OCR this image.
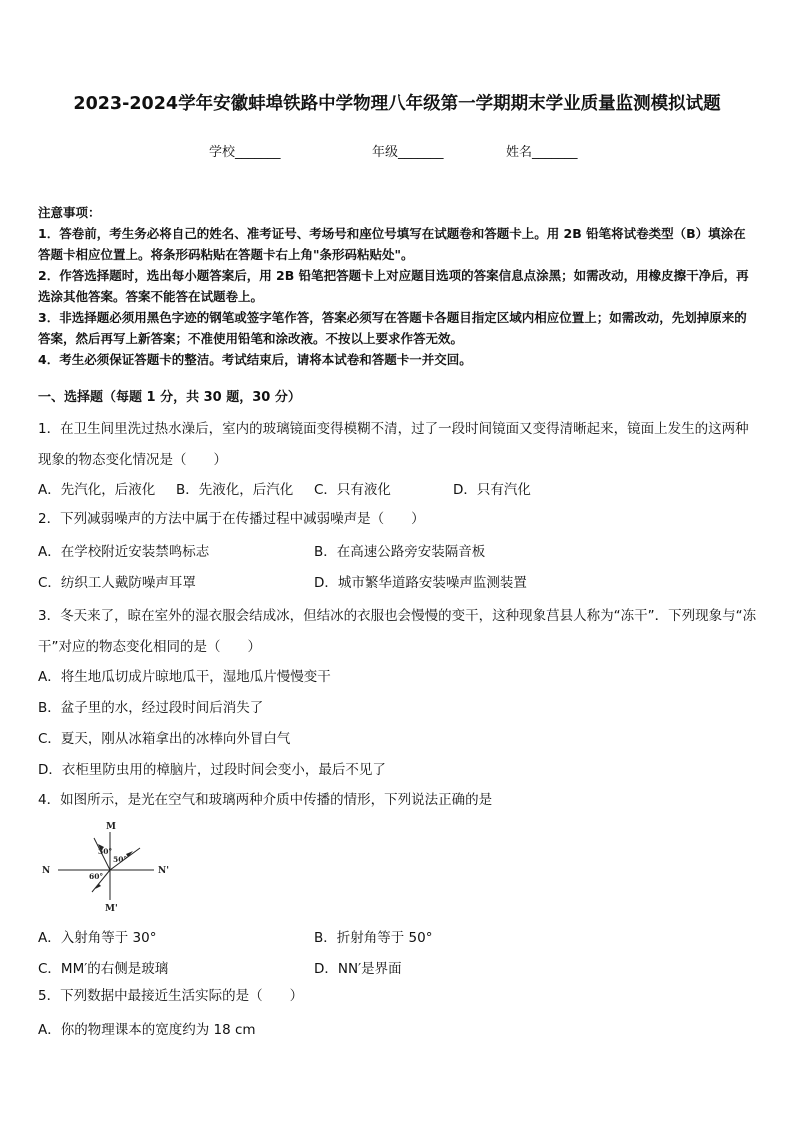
2023-2024学年安徽蚌埠铁路中学物理八年级第一学期期末学业质量监测模拟试题
学校_______	年级_______	姓名_______

注意事项：

1．答卷前，考生务必将自己的姓名、准考证号、考场号和座位号填写在试题卷和答题卡上。用 2B 铅笔将试卷类型（B）填涂在答题卡相应位置上。将条形码粘贴在答题卡右上角"条形码粘贴处"。

2．作答选择题时，选出每小题答案后，用 2B 铅笔把答题卡上对应题目选项的答案信息点涂黑；如需改动，用橡皮擦干净后，再选涂其他答案。答案不能答在试题卷上。

3．非选择题必须用黑色字迹的钢笔或签字笔作答，答案必须写在答题卡各题目指定区域内相应位置上；如需改动，先划掉原来的答案，然后再写上新答案；不准使用铅笔和涂改液。不按以上要求作答无效。

4．考生必须保证答题卡的整洁。考试结束后，请将本试卷和答题卡一并交回。

一、选择题（每题 1 分，共 30 题，30 分）
1．在卫生间里洗过热水澡后，室内的玻璃镜面变得模糊不清，过了一段时间镜面又变得清晰起来，镜面上发生的这两种现象的物态变化情况是（　　）
A．先汽化，后液化 B．先液化，后汽化 C．只有液化	D．只有汽化
2．下列减弱噪声的方法中属于在传播过程中减弱噪声是（　　）
A．在学校附近安装禁鸣标志	B．在高速公路旁安装隔音板
C．纺织工人戴防噪声耳罩	D．城市繁华道路安装噪声监测装置
3．冬天来了，晾在室外的湿衣服会结成冰，但结冰的衣服也会慢慢的变干，这种现象莒县人称为“冻干”．下列现象与“冻干”对应的物态变化相同的是（　　）
A．将生地瓜切成片晾地瓜干，湿地瓜片慢慢变干
B．盆子里的水，经过段时间后消失了
C．夏天，刚从冰箱拿出的冰棒向外冒白气
D．衣柜里防虫用的樟脑片，过段时间会变小，最后不见了
4．如图所示，是光在空气和玻璃两种介质中传播的情形，下列说法正确的是
M
M'
N	N'
30°
50°
60°
A．入射角等于 30°	B．折射角等于 50°
C．MM′的右侧是玻璃	D．NN′是界面
5．下列数据中最接近生活实际的是（　　）
A．你的物理课本的宽度约为 18 cm
